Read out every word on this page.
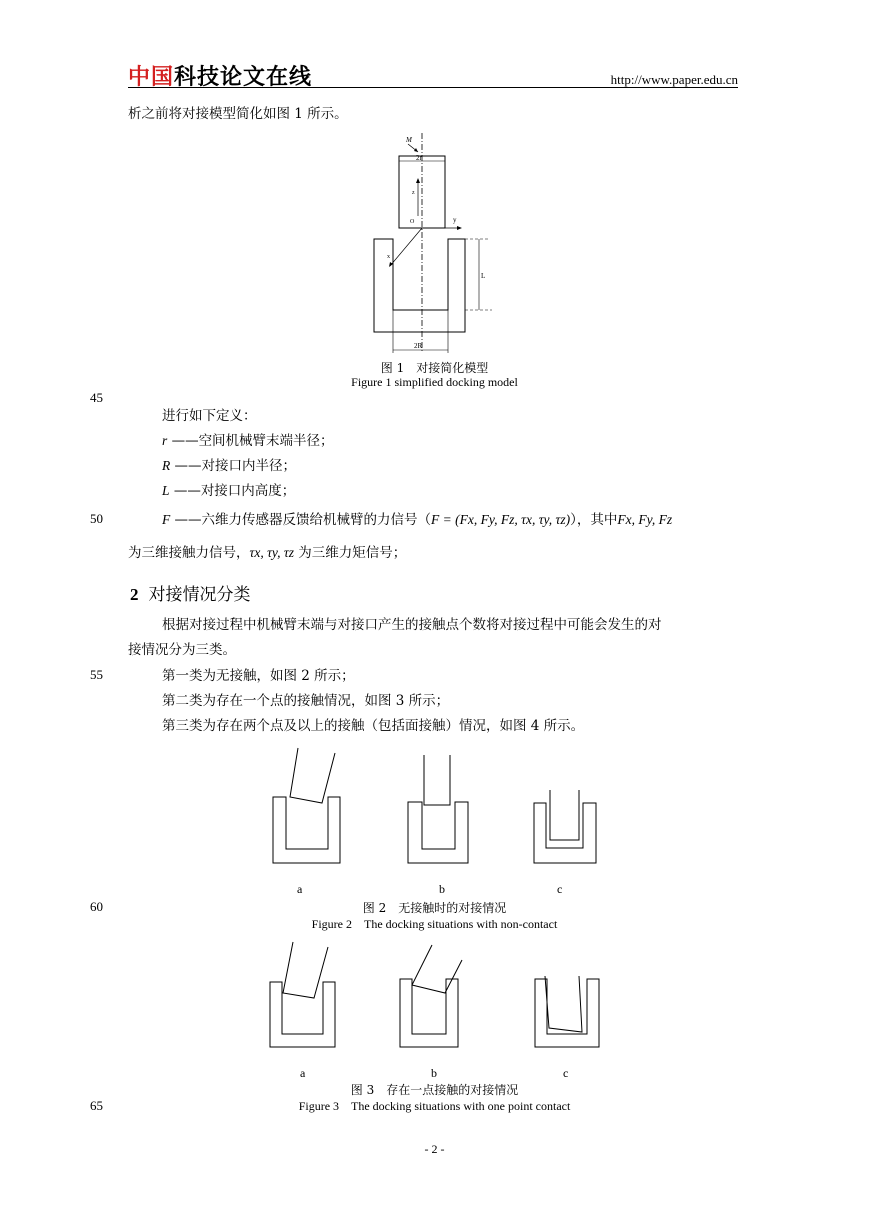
中国科技论文在线	http://www.paper.edu.cn
析之前将对接模型简化如图 1 所示。
M
2r
z
O	y
x
L
2R
图 1　对接简化模型
Figure 1 simplified docking model
45
50
55
60
65
进行如下定义：
r ——空间机械臂末端半径；
R ——对接口内半径；
L ——对接口内高度；
F ——六维力传感器反馈给机械臂的力信号（F = (Fx, Fy, Fz, τx, τy, τz)），其中Fx, Fy, Fz
为三维接触力信号，τx, τy, τz 为三维力矩信号；
2 对接情况分类
根据对接过程中机械臂末端与对接口产生的接触点个数将对接过程中可能会发生的对
接情况分为三类。
第一类为无接触，如图 2 所示；
第二类为存在一个点的接触情况，如图 3 所示；
第三类为存在两个点及以上的接触（包括面接触）情况，如图 4 所示。
a	b	c
图 2　无接触时的对接情况
Figure 2　The docking situations with non-contact
a	b	c
图 3　存在一点接触的对接情况
Figure 3　The docking situations with one point contact
- 2 -
